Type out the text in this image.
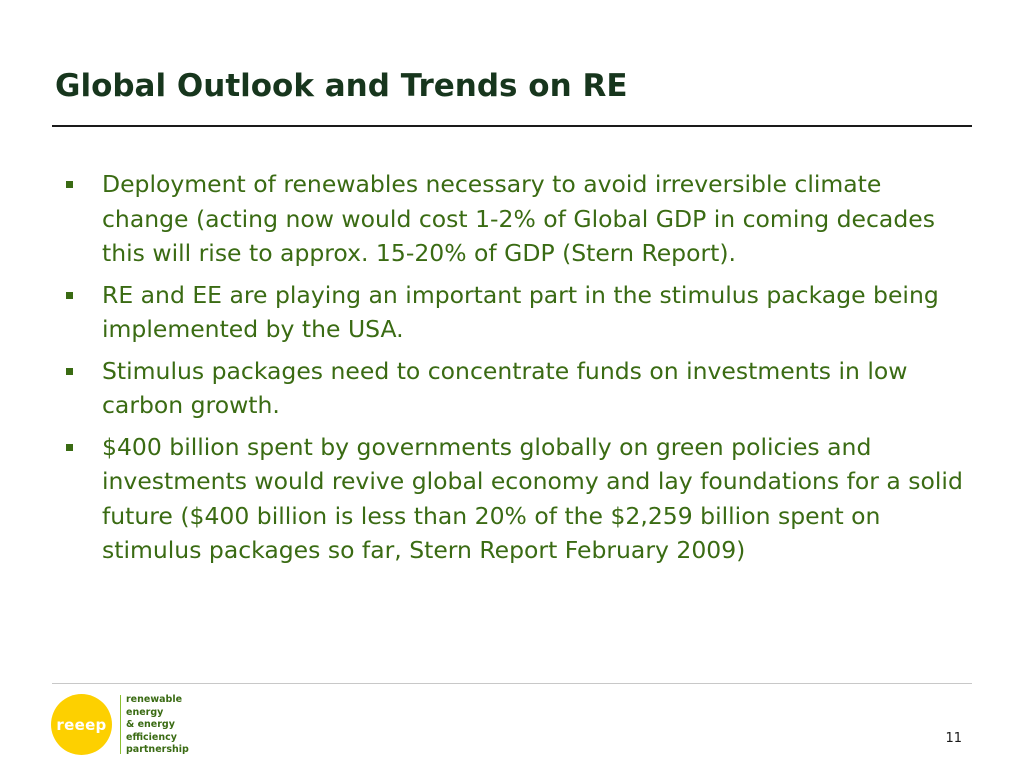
Global Outlook and Trends on RE
Deployment of renewables necessary to avoid irreversible climate change (acting now would cost 1-2% of Global GDP in coming decades this will rise to approx. 15-20% of GDP (Stern Report).
RE and EE are playing an important part in the stimulus package being implemented by the USA.
Stimulus packages need to concentrate funds on investments in low carbon growth.
$400 billion spent by governments globally on green policies and investments would revive global economy and lay foundations for a solid future ($400 billion is less than 20% of the $2,259 billion spent on stimulus packages so far, Stern Report February 2009)
reeep
renewable
energy
& energy
efficiency
partnership
11
